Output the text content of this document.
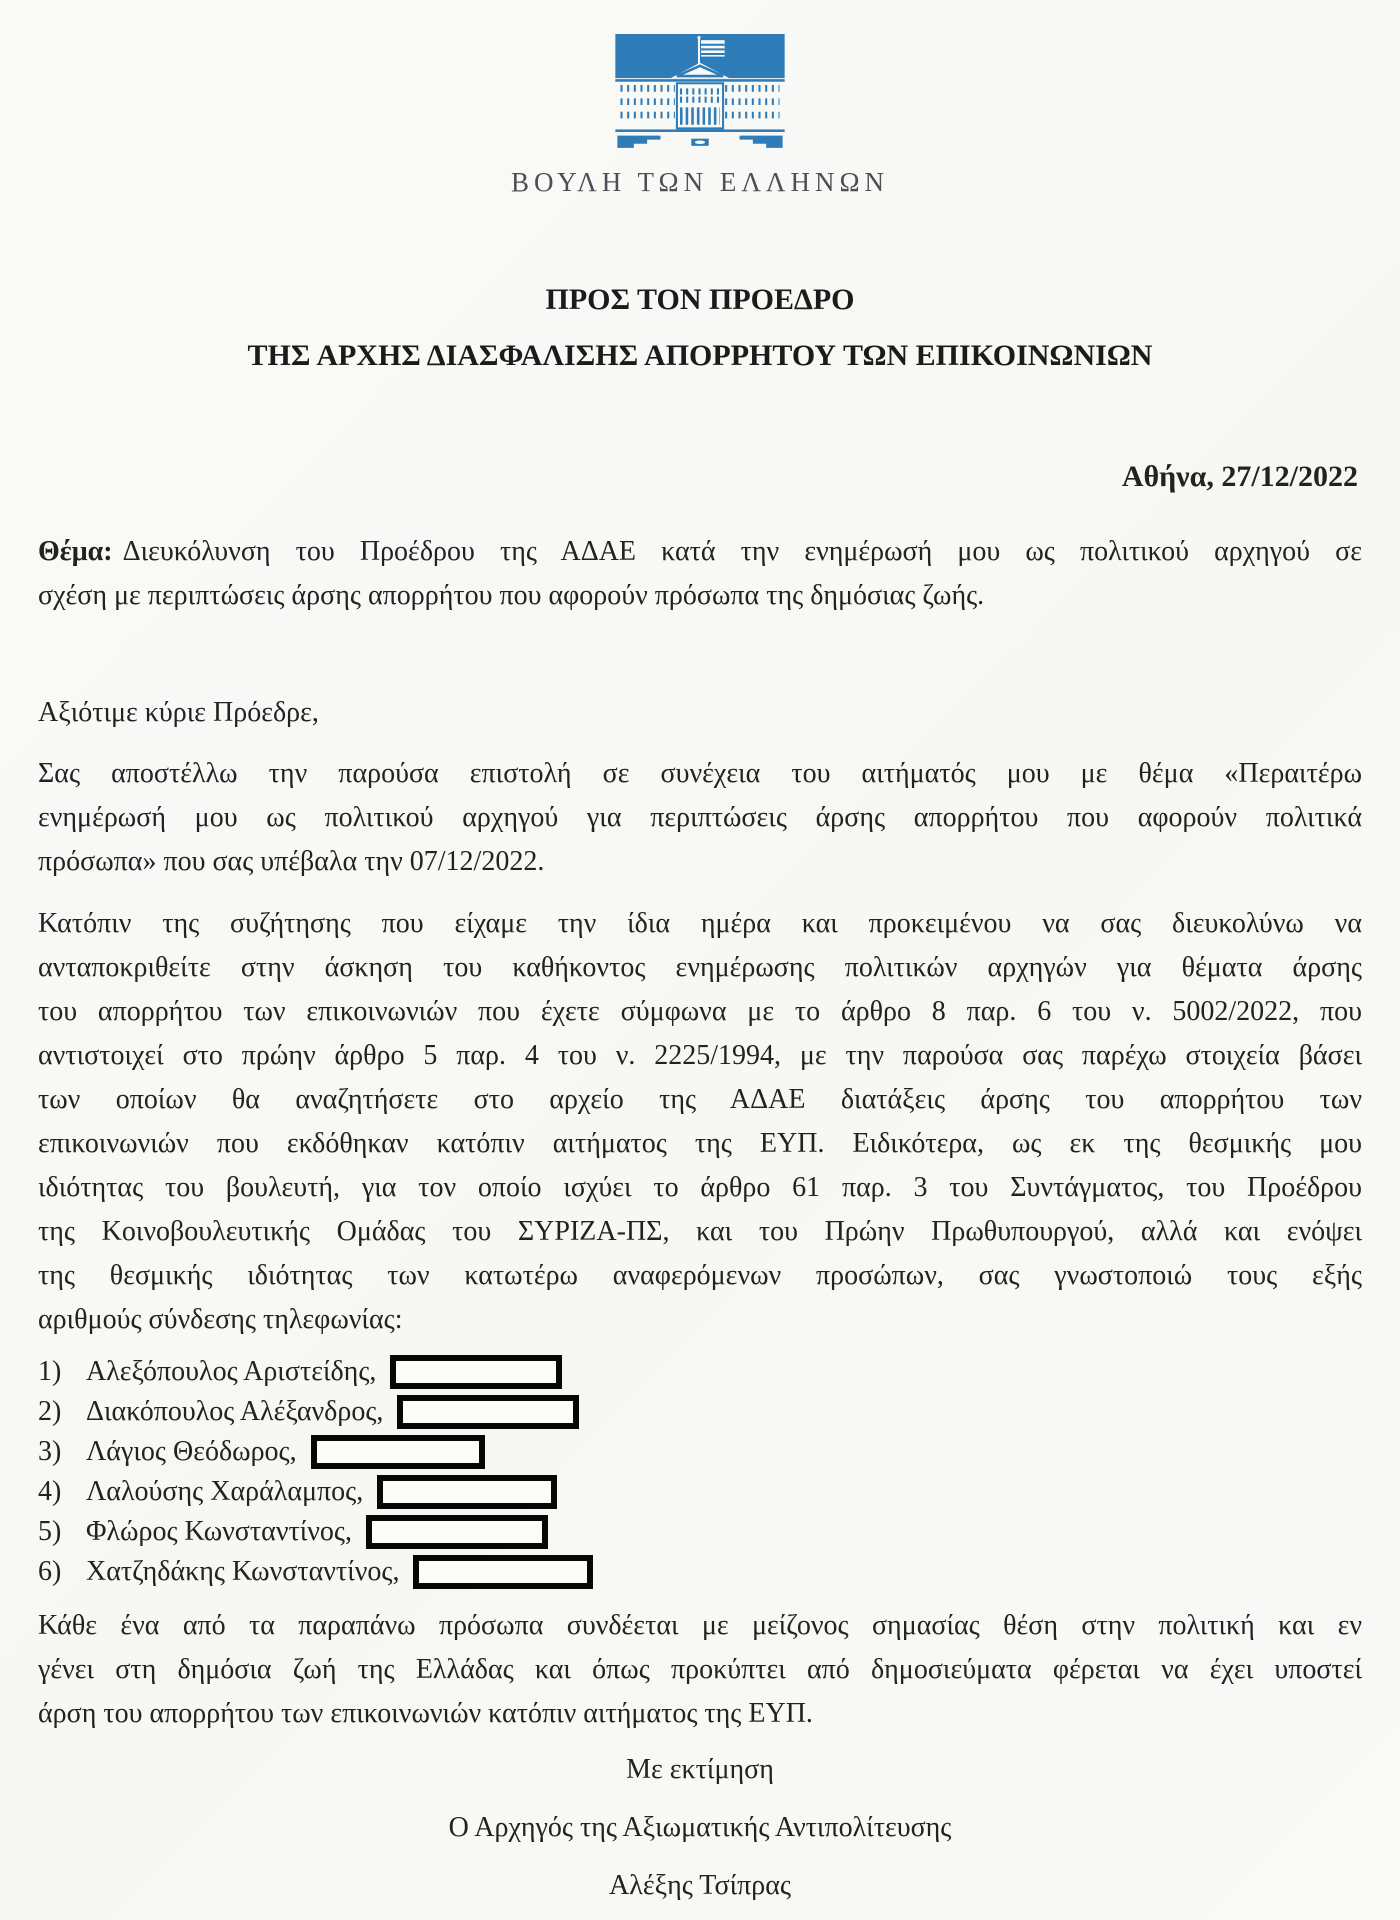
ΒΟΥΛΗ ΤΩΝ ΕΛΛΗΝΩΝ
ΠΡΟΣ ΤΟΝ ΠΡΟΕΔΡΟ
ΤΗΣ ΑΡΧΗΣ ΔΙΑΣΦΑΛΙΣΗΣ ΑΠΟΡΡΗΤΟΥ ΤΩΝ ΕΠΙΚΟΙΝΩΝΙΩΝ
Αθήνα, 27/12/2022
Θέμα: Διευκόλυνση του Προέδρου της ΑΔΑΕ κατά την ενημέρωσή μου ως πολιτικού αρχηγού σε
σχέση με περιπτώσεις άρσης απορρήτου που αφορούν πρόσωπα της δημόσιας ζωής.
Αξιότιμε κύριε Πρόεδρε,
Σας αποστέλλω την παρούσα επιστολή σε συνέχεια του αιτήματός μου με θέμα «Περαιτέρω
ενημέρωσή μου ως πολιτικού αρχηγού για περιπτώσεις άρσης απορρήτου που αφορούν πολιτικά
πρόσωπα» που σας υπέβαλα την 07/12/2022.
Κατόπιν της συζήτησης που είχαμε την ίδια ημέρα και προκειμένου να σας διευκολύνω να
ανταποκριθείτε στην άσκηση του καθήκοντος ενημέρωσης πολιτικών αρχηγών για θέματα άρσης
του απορρήτου των επικοινωνιών που έχετε σύμφωνα με το άρθρο 8 παρ. 6 του ν. 5002/2022, που
αντιστοιχεί στο πρώην άρθρο 5 παρ. 4 του ν. 2225/1994, με την παρούσα σας παρέχω στοιχεία βάσει
των οποίων θα αναζητήσετε στο αρχείο της ΑΔΑΕ διατάξεις άρσης του απορρήτου των
επικοινωνιών που εκδόθηκαν κατόπιν αιτήματος της ΕΥΠ. Ειδικότερα, ως εκ της θεσμικής μου
ιδιότητας του βουλευτή, για τον οποίο ισχύει το άρθρο 61 παρ. 3 του Συντάγματος, του Προέδρου
της Κοινοβουλευτικής Ομάδας του ΣΥΡΙΖΑ-ΠΣ, και του Πρώην Πρωθυπουργού, αλλά και ενόψει
της θεσμικής ιδιότητας των κατωτέρω αναφερόμενων προσώπων, σας γνωστοποιώ τους εξής
αριθμούς σύνδεσης τηλεφωνίας:
1) Αλεξόπουλος Αριστείδης,
2) Διακόπουλος Αλέξανδρος,
3) Λάγιος Θεόδωρος,
4) Λαλούσης Χαράλαμπος,
5) Φλώρος Κωνσταντίνος,
6) Χατζηδάκης Κωνσταντίνος,
Κάθε ένα από τα παραπάνω πρόσωπα συνδέεται με μείζονος σημασίας θέση στην πολιτική και εν
γένει στη δημόσια ζωή της Ελλάδας και όπως προκύπτει από δημοσιεύματα φέρεται να έχει υποστεί
άρση του απορρήτου των επικοινωνιών κατόπιν αιτήματος της ΕΥΠ.
Με εκτίμηση
Ο Αρχηγός της Αξιωματικής Αντιπολίτευσης
Αλέξης Τσίπρας
